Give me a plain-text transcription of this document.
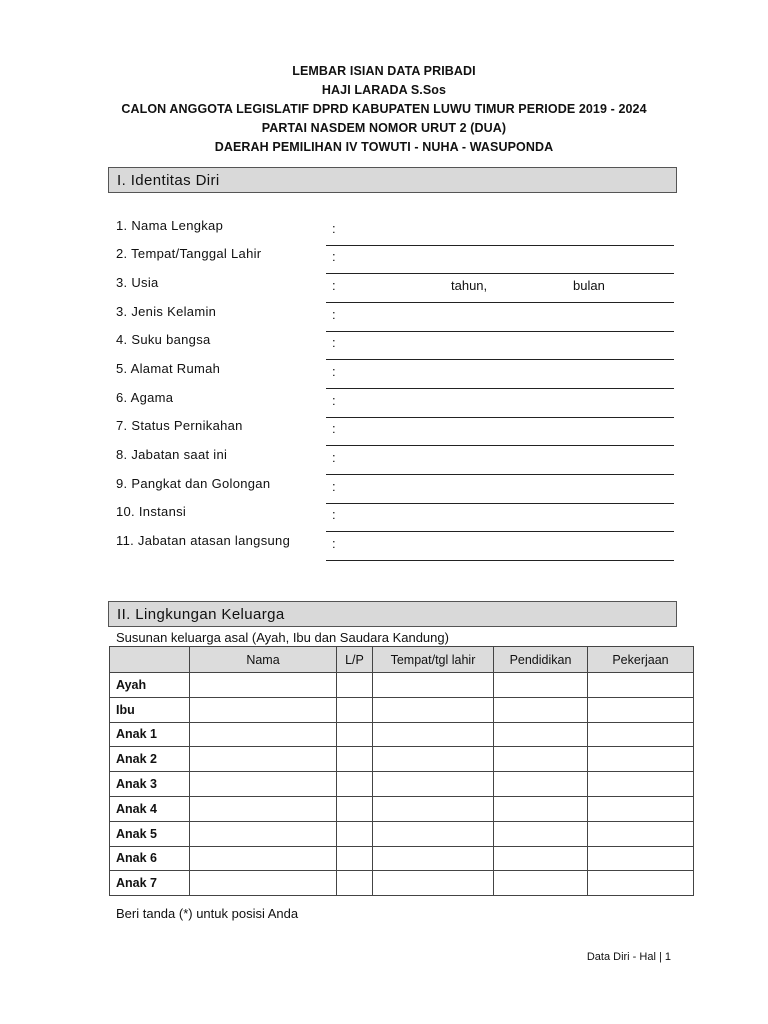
LEMBAR ISIAN DATA PRIBADI
HAJI LARADA S.Sos
CALON ANGGOTA LEGISLATIF DPRD KABUPATEN LUWU TIMUR PERIODE 2019 - 2024
PARTAI NASDEM NOMOR URUT 2 (DUA)
DAERAH PEMILIHAN IV TOWUTI - NUHA - WASUPONDA
I. Identitas Diri
1. Nama Lengkap	:
2. Tempat/Tanggal Lahir	:
3. Usia	:	tahun,	bulan
3. Jenis Kelamin	:
4. Suku bangsa	:
5. Alamat Rumah	:
6. Agama	:
7. Status Pernikahan	:
8. Jabatan saat ini	:
9. Pangkat dan Golongan	:
10. Instansi	:
11. Jabatan atasan langsung	:
II. Lingkungan Keluarga
Susunan keluarga asal (Ayah, Ibu dan Saudara Kandung)
	Nama	L/P	Tempat/tgl lahir	Pendidikan	Pekerjaan
Ayah					
Ibu					
Anak 1					
Anak 2					
Anak 3					
Anak 4					
Anak 5					
Anak 6					
Anak 7					
Beri tanda (*) untuk posisi Anda
Data Diri - Hal | 1
